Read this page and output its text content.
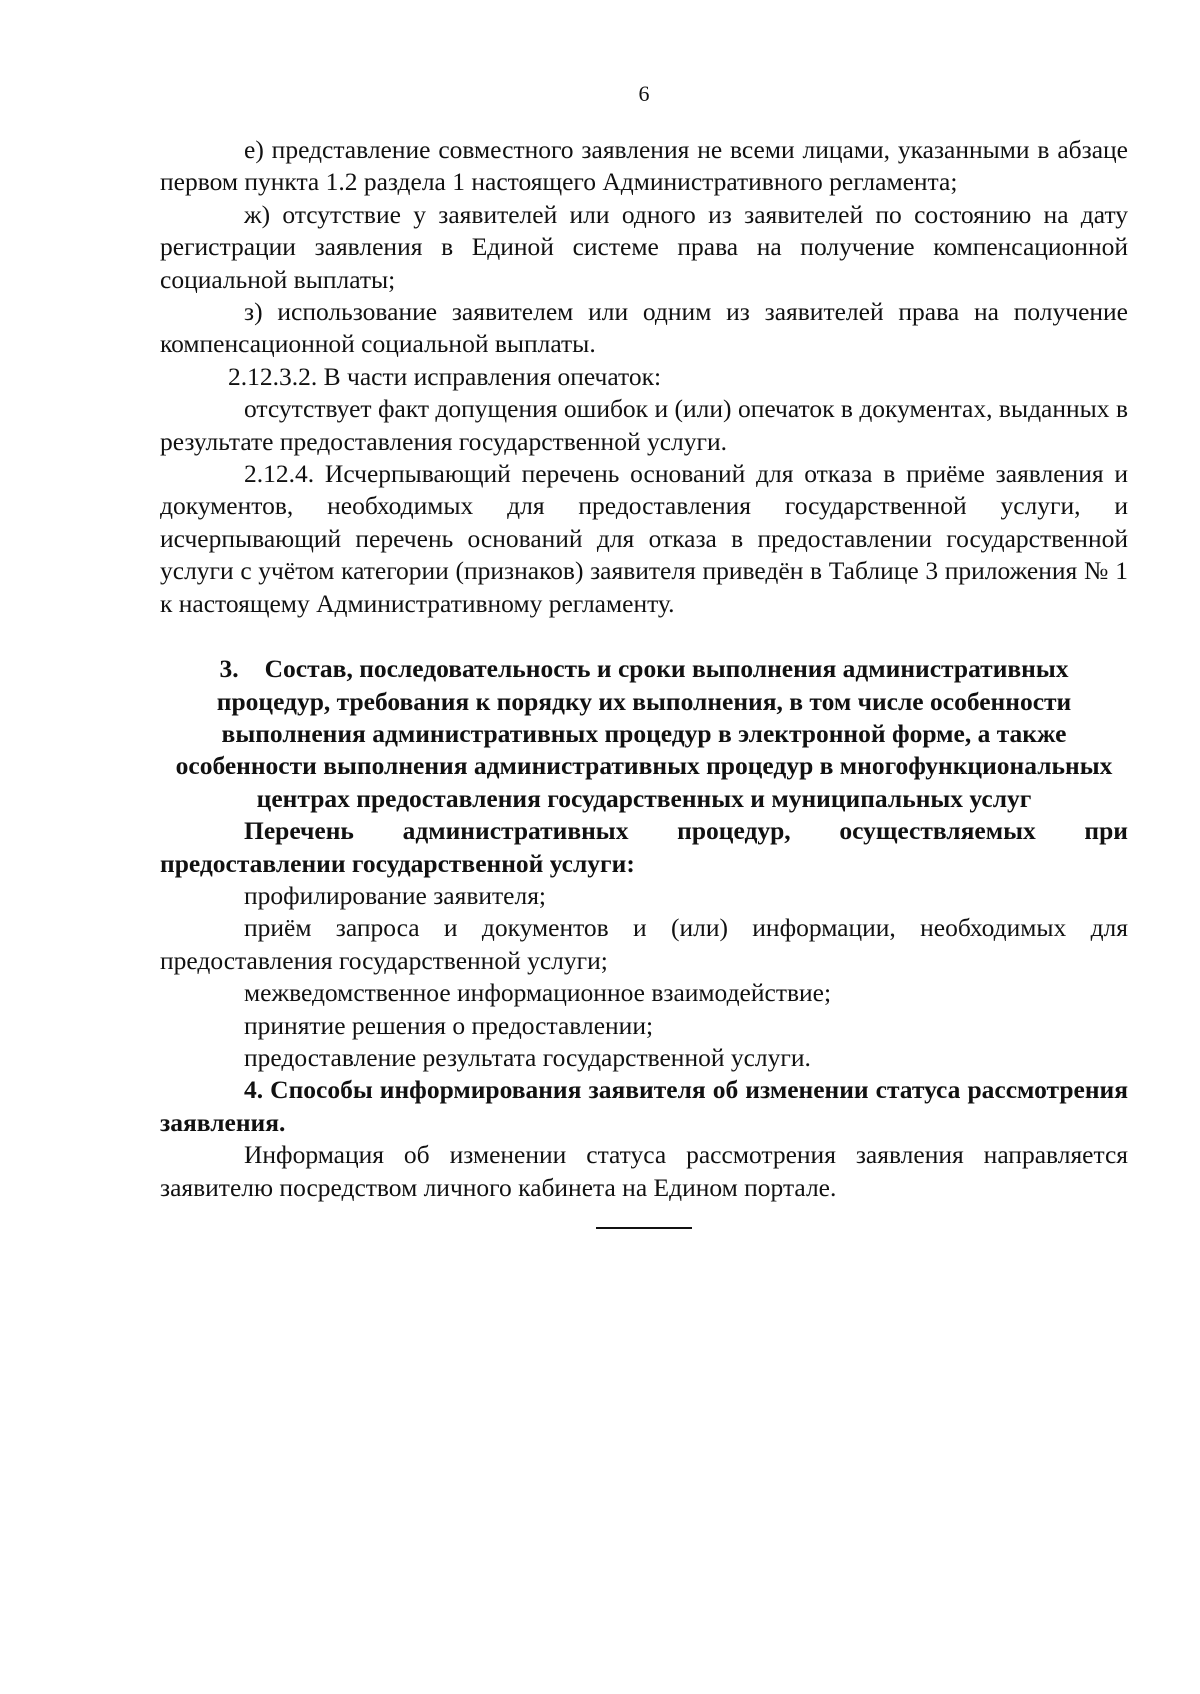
6

е) представление совместного заявления не всеми лицами, указанными в абзаце первом пункта 1.2 раздела 1 настоящего Административного регламента;

ж) отсутствие у заявителей или одного из заявителей по состоянию на дату регистрации заявления в Единой системе права на получение компенсационной социальной выплаты;

з) использование заявителем или одним из заявителей права на получение компенсационной социальной выплаты.

2.12.3.2. В части исправления опечаток:

отсутствует факт допущения ошибок и (или) опечаток в документах, выданных в результате предоставления государственной услуги.

2.12.4. Исчерпывающий перечень оснований для отказа в приёме заявления и документов, необходимых для предоставления государственной услуги, и исчерпывающий перечень оснований для отказа в предоставлении государственной услуги с учётом категории (признаков) заявителя приведён в Таблице 3 приложения № 1 к настоящему Административному регламенту.

3. Состав, последовательность и сроки выполнения административных процедур, требования к порядку их выполнения, в том числе особенности выполнения административных процедур в электронной форме, а также особенности выполнения административных процедур в многофункциональных центрах предоставления государственных и муниципальных услуг

Перечень административных процедур, осуществляемых при предоставлении государственной услуги:

профилирование заявителя;

приём запроса и документов и (или) информации, необходимых для предоставления государственной услуги;

межведомственное информационное взаимодействие;

принятие решения о предоставлении;

предоставление результата государственной услуги.

4. Способы информирования заявителя об изменении статуса рассмотрения заявления.

Информация об изменении статуса рассмотрения заявления направляется заявителю посредством личного кабинета на Едином портале.
